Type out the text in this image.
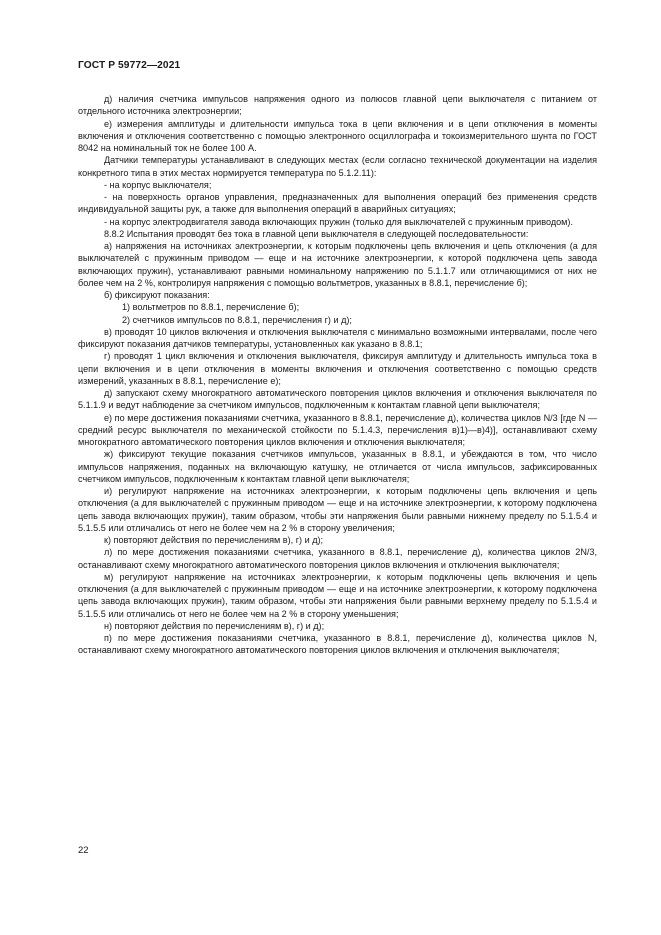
ГОСТ Р 59772—2021

д) наличия счетчика импульсов напряжения одного из полюсов главной цепи выключателя с питанием от отдельного источника электроэнергии;

е) измерения амплитуды и длительности импульса тока в цепи включения и в цепи отключения в моменты включения и отключения соответственно с помощью электронного осциллографа и токоизмерительного шунта по ГОСТ 8042 на номинальный ток не более 100 А.

Датчики температуры устанавливают в следующих местах (если согласно технической документации на изделия конкретного типа в этих местах нормируется температура по 5.1.2.11):

- на корпус выключателя;

- на поверхность органов управления, предназначенных для выполнения операций без применения средств индивидуальной защиты рук, а также для выполнения операций в аварийных ситуациях;

- на корпус электродвигателя завода включающих пружин (только для выключателей с пружинным приводом).

8.8.2 Испытания проводят без тока в главной цепи выключателя в следующей последовательности:

а) напряжения на источниках электроэнергии, к которым подключены цепь включения и цепь отключения (а для выключателей с пружинным приводом — еще и на источнике электроэнергии, к которой подключена цепь завода включающих пружин), устанавливают равными номинальному напряжению по 5.1.1.7 или отличающимися от них не более чем на 2 %, контролируя напряжения с помощью вольтметров, указанных в 8.8.1, перечисление б);

б) фиксируют показания:

1) вольтметров по 8.8.1, перечисление б);

2) счетчиков импульсов по 8.8.1, перечисления г) и д);

в) проводят 10 циклов включения и отключения выключателя с минимально возможными интервалами, после чего фиксируют показания датчиков температуры, установленных как указано в 8.8.1;

г) проводят 1 цикл включения и отключения выключателя, фиксируя амплитуду и длительность импульса тока в цепи включения и в цепи отключения в моменты включения и отключения соответственно с помощью средств измерений, указанных в 8.8.1, перечисление е);

д) запускают схему многократного автоматического повторения циклов включения и отключения выключателя по 5.1.1.9 и ведут наблюдение за счетчиком импульсов, подключенным к контактам главной цепи выключателя;

е) по мере достижения показаниями счетчика, указанного в 8.8.1, перечисление д), количества циклов N/3 [где N — средний ресурс выключателя по механической стойкости по 5.1.4.3, перечисления в)1)—в)4)], останавливают схему многократного автоматического повторения циклов включения и отключения выключателя;

ж) фиксируют текущие показания счетчиков импульсов, указанных в 8.8.1, и убеждаются в том, что число импульсов напряжения, поданных на включающую катушку, не отличается от числа импульсов, зафиксированных счетчиком импульсов, подключенным к контактам главной цепи выключателя;

и) регулируют напряжение на источниках электроэнергии, к которым подключены цепь включения и цепь отключения (а для выключателей с пружинным приводом — еще и на источнике электроэнергии, к которому подключена цепь завода включающих пружин), таким образом, чтобы эти напряжения были равными нижнему пределу по 5.1.5.4 и 5.1.5.5 или отличались от него не более чем на 2 % в сторону увеличения;

к) повторяют действия по перечислениям в), г) и д);

л) по мере достижения показаниями счетчика, указанного в 8.8.1, перечисление д), количества циклов 2N/3, останавливают схему многократного автоматического повторения циклов включения и отключения выключателя;

м) регулируют напряжение на источниках электроэнергии, к которым подключены цепь включения и цепь отключения (а для выключателей с пружинным приводом — еще и на источнике электроэнергии, к которому подключена цепь завода включающих пружин), таким образом, чтобы эти напряжения были равными верхнему пределу по 5.1.5.4 и 5.1.5.5 или отличались от него не более чем на 2 % в сторону уменьшения;

н) повторяют действия по перечислениям в), г) и д);

п) по мере достижения показаниями счетчика, указанного в 8.8.1, перечисление д), количества циклов N, останавливают схему многократного автоматического повторения циклов включения и отключения выключателя;

22
